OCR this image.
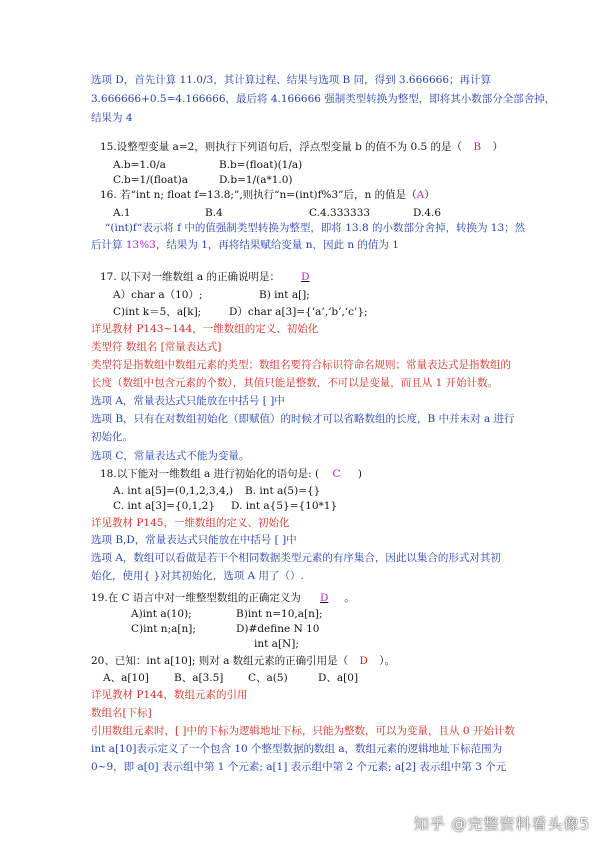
选项 D，首先计算 11.0/3，其计算过程、结果与选项 B 同，得到 3.666666；再计算
3.666666+0.5=4.166666，最后将 4.166666 强制类型转换为整型，即将其小数部分全部舍掉，
结果为 4
15.设整型变量 a=2，则执行下列语句后，浮点型变量 b 的值不为 0.5 的是（ B ）
A.b=1.0/a	B.b=(float)(1/a)
C.b=1/(float)a	D.b=1/(a*1.0)
16. 若“int n; float f=13.8;”,则执行“n=(int)f%3”后，n 的值是（A）
A.1	B.4	C.4.333333	D.4.6
“(int)f“表示将 f 中的值强制类型转换为整型，即将 13.8 的小数部分舍掉，转换为 13；然
后计算 13%3，结果为 1，再将结果赋给变量 n，因此 n 的值为 1
17. 以下对一维数组 a 的正确说明是： D
A）char a（10）;	B) int a[];
C)int k＝5，a[k];	D）char a[3]={‘a’,‘b’,‘c’};
详见教材 P143~144，一维数组的定义、初始化
类型符 数组名 [常量表达式]
类型符是指数组中数组元素的类型；数组名要符合标识符命名规则；常量表达式是指数组的
长度（数组中包含元素的个数），其值只能是整数，不可以是变量，而且从 1 开始计数。
选项 A，常量表达式只能放在中括号 [ ]中
选项 B，只有在对数组初始化（即赋值）的时候才可以省略数组的长度，B 中并未对 a 进行
初始化。
选项 C，常量表达式不能为变量。
18.以下能对一维数组 a 进行初始化的语句是: ( C )
A. int a[5]=(0,1,2,3,4,) B. int a(5)={}
C. int a[3]={0,1,2} D. int a{5}={10*1}
详见教材 P145，一维数组的定义、初始化
选项 B,D，常量表达式只能放在中括号 [ ]中
选项 A，数组可以看做是若干个相同数据类型元素的有序集合，因此以集合的形式对其初
始化，使用{ }对其初始化，选项 A 用了（）.
19.在 C 语言中对一维整型数组的正确定义为 D 。
A)int a(10);	B)int n=10,a[n];
C)int n;a[n];	D)#define N 10
int a[N];
20、已知：int a[10]; 则对 a 数组元素的正确引用是（ D ）。
A、a[10] B、a[3.5] C、a(5)	D、a[0]
详见教材 P144，数组元素的引用
数组名[下标]
引用数组元素时，[ ]中的下标为逻辑地址下标，只能为整数，可以为变量，且从 0 开始计数
int a[10]表示定义了一个包含 10 个整型数据的数组 a，数组元素的逻辑地址下标范围为
0~9，即 a[0] 表示组中第 1 个元素; a[1] 表示组中第 2 个元素; a[2] 表示组中第 3 个元
知乎 @完整资料看头像5
